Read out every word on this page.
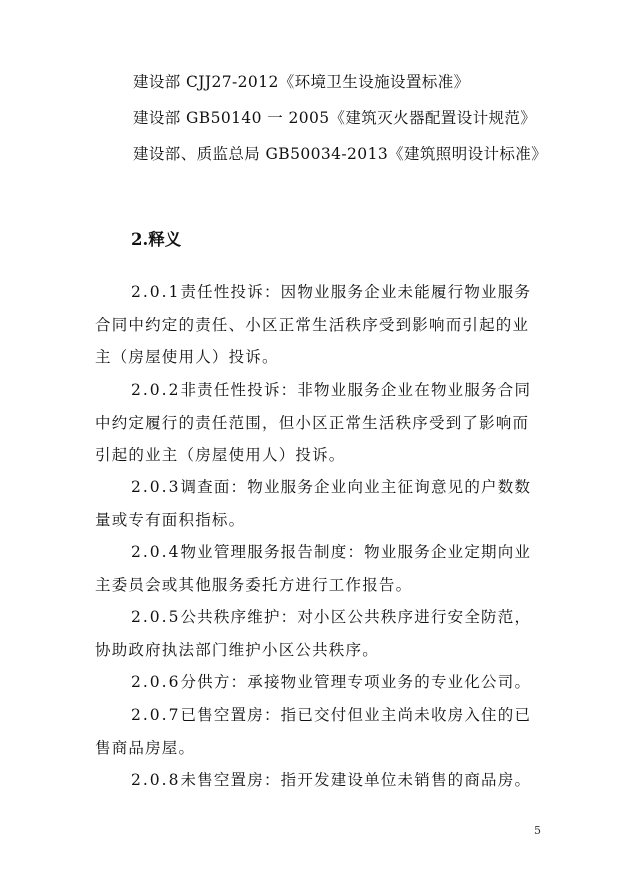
建设部 CJJ27-2012《环境卫生设施设置标准》
建设部 GB50140 一 2005《建筑灭火器配置设计规范》
建设部、质监总局 GB50034-2013《建筑照明设计标准》
2.释义

2.0.1责任性投诉：因物业服务企业未能履行物业服务合同中约定的责任、小区正常生活秩序受到影响而引起的业主（房屋使用人）投诉。

2.0.2非责任性投诉：非物业服务企业在物业服务合同中约定履行的责任范围，但小区正常生活秩序受到了影响而引起的业主（房屋使用人）投诉。

2.0.3调查面：物业服务企业向业主征询意见的户数数量或专有面积指标。

2.0.4物业管理服务报告制度：物业服务企业定期向业主委员会或其他服务委托方进行工作报告。

2.0.5公共秩序维护：对小区公共秩序进行安全防范，协助政府执法部门维护小区公共秩序。

2.0.6分供方：承接物业管理专项业务的专业化公司。

2.0.7已售空置房：指已交付但业主尚未收房入住的已售商品房屋。

2.0.8未售空置房：指开发建设单位未销售的商品房。

5
